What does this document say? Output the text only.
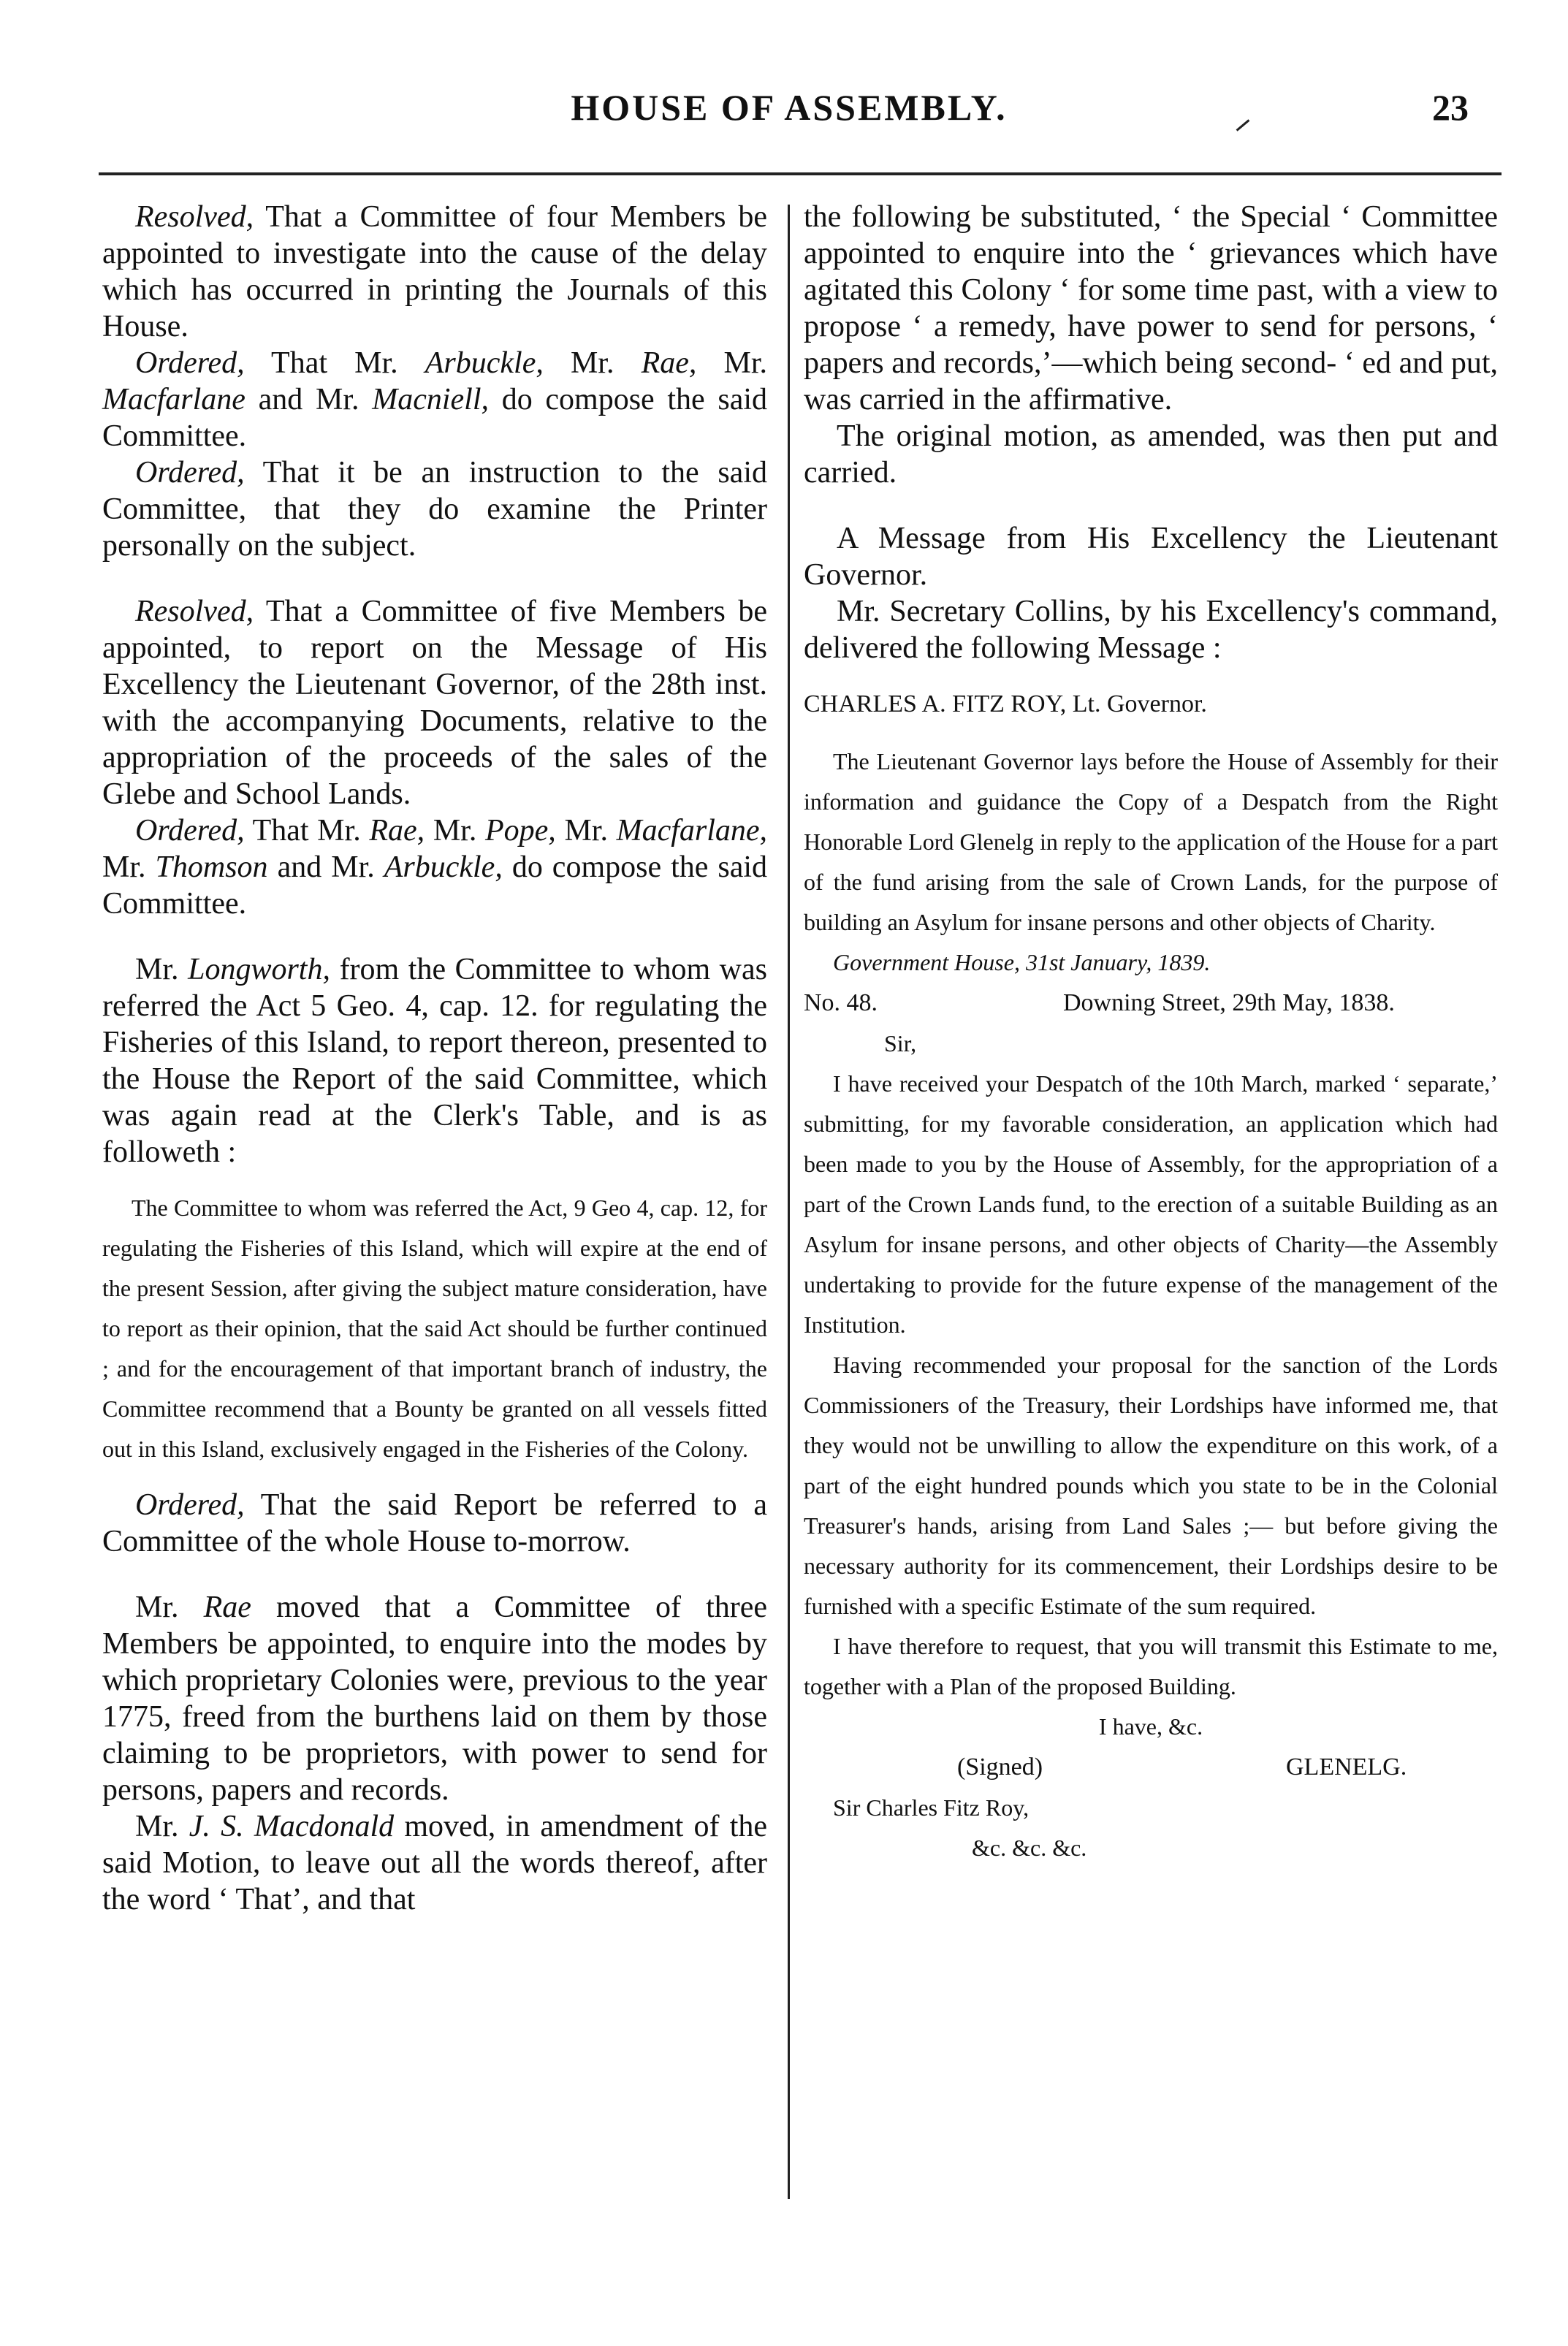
HOUSE OF ASSEMBLY.	23

Resolved, That a Committee of four Members be appointed to investigate into the cause of the delay which has occurred in printing the Journals of this House.

Ordered, That Mr. Arbuckle, Mr. Rae, Mr. Macfarlane and Mr. Macniell, do compose the said Committee.

Ordered, That it be an instruction to the said Committee, that they do examine the Printer personally on the subject.

Resolved, That a Committee of five Members be appointed, to report on the Message of His Excellency the Lieutenant Governor, of the 28th inst. with the accompanying Documents, relative to the appropriation of the proceeds of the sales of the Glebe and School Lands.

Ordered, That Mr. Rae, Mr. Pope, Mr. Macfarlane, Mr. Thomson and Mr. Arbuckle, do compose the said Committee.

Mr. Longworth, from the Committee to whom was referred the Act 5 Geo. 4, cap. 12. for regulating the Fisheries of this Island, to report thereon, presented to the House the Report of the said Committee, which was again read at the Clerk's Table, and is as followeth :

The Committee to whom was referred the Act, 9 Geo 4, cap. 12, for regulating the Fisheries of this Island, which will expire at the end of the present Session, after giving the subject mature consideration, have to report as their opinion, that the said Act should be further continued ; and for the encouragement of that important branch of industry, the Committee recommend that a Bounty be granted on all vessels fitted out in this Island, exclusively engaged in the Fisheries of the Colony.

Ordered, That the said Report be referred to a Committee of the whole House to-morrow.

Mr. Rae moved that a Committee of three Members be appointed, to enquire into the modes by which proprietary Colonies were, previous to the year 1775, freed from the burthens laid on them by those claiming to be proprietors, with power to send for persons, papers and records.

Mr. J. S. Macdonald moved, in amendment of the said Motion, to leave out all the words thereof, after the word ‘ That’, and that

the following be substituted, ‘ the Special ‘ Committee appointed to enquire into the ‘ grievances which have agitated this Colony ‘ for some time past, with a view to propose ‘ a remedy, have power to send for persons, ‘ papers and records,’—which being second- ‘ ed and put, was carried in the affirmative.

The original motion, as amended, was then put and carried.

A Message from His Excellency the Lieutenant Governor.

Mr. Secretary Collins, by his Excellency's command, delivered the following Message :

CHARLES A. FITZ ROY, Lt. Governor.

The Lieutenant Governor lays before the House of Assembly for their information and guidance the Copy of a Despatch from the Right Honorable Lord Glenelg in reply to the application of the House for a part of the fund arising from the sale of Crown Lands, for the purpose of building an Asylum for insane persons and other objects of Charity.

Government House, 31st January, 1839.

No. 48.	Downing Street, 29th May, 1838.

Sir,

I have received your Despatch of the 10th March, marked ‘ separate,’ submitting, for my favorable consideration, an application which had been made to you by the House of Assembly, for the appropriation of a part of the Crown Lands fund, to the erection of a suitable Building as an Asylum for insane persons, and other objects of Charity—the Assembly undertaking to provide for the future expense of the management of the Institution.

Having recommended your proposal for the sanction of the Lords Commissioners of the Treasury, their Lordships have informed me, that they would not be unwilling to allow the expenditure on this work, of a part of the eight hundred pounds which you state to be in the Colonial Treasurer's hands, arising from Land Sales ;— but before giving the necessary authority for its commencement, their Lordships desire to be furnished with a specific Estimate of the sum required.

I have therefore to request, that you will transmit this Estimate to me, together with a Plan of the proposed Building.

I have, &c.

(Signed)	GLENELG.

Sir Charles Fitz Roy,

&c. &c. &c.
